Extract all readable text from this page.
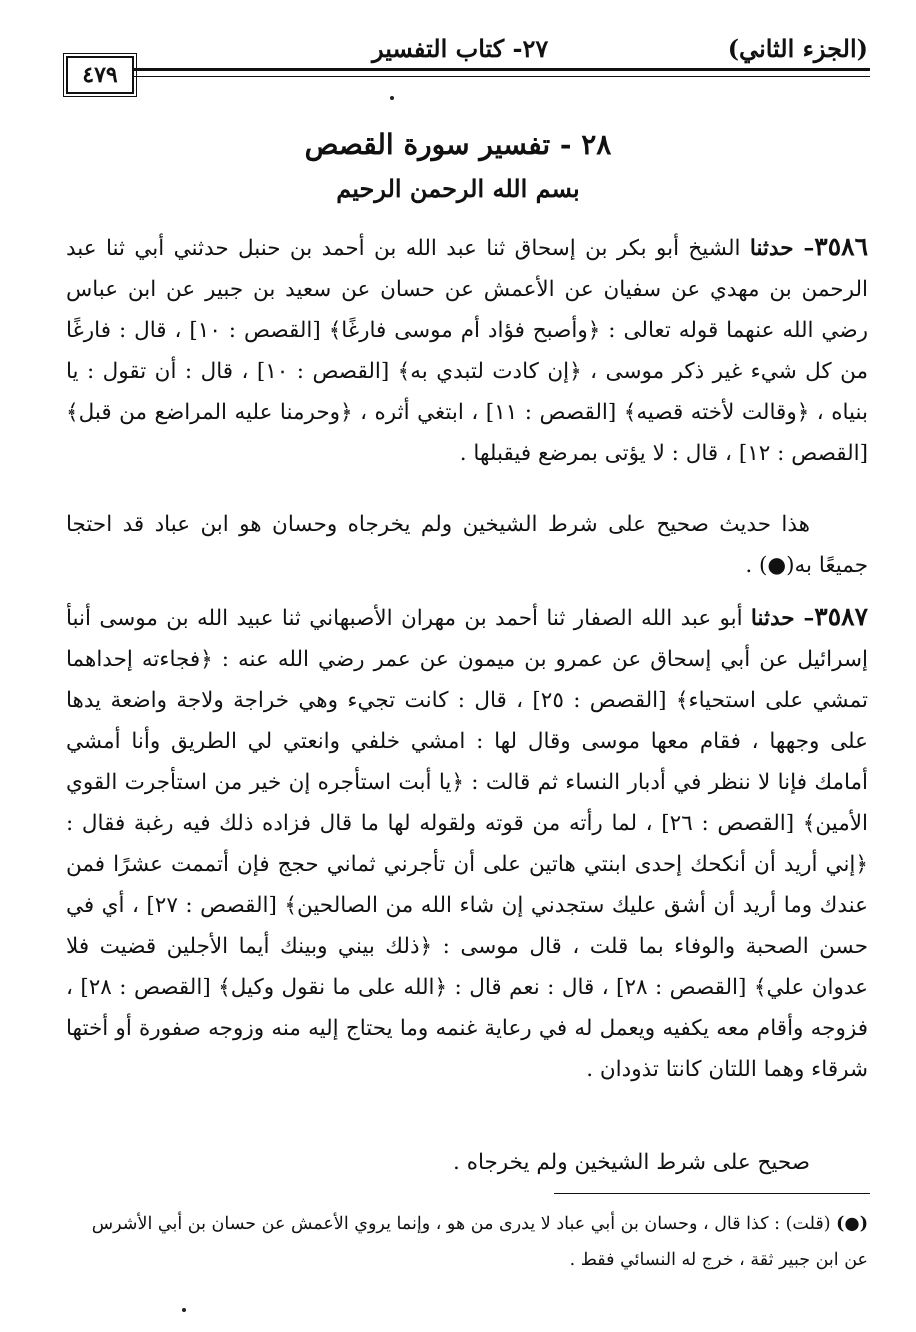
(الجزء الثاني)
٢٧- كتاب التفسير
٤٧٩
٢٨ - تفسير سورة القصص
بسم الله الرحمن الرحيم
٣٥٨٦– حدثنا الشيخ أبو بكر بن إسحاق ثنا عبد الله بن أحمد بن حنبل حدثني أبي ثنا عبد الرحمن بن مهدي عن سفيان عن الأعمش عن حسان عن سعيد بن جبير عن ابن عباس رضي الله عنهما قوله تعالى : ﴿وأصبح فؤاد أم موسى فارغًا﴾ [القصص : ١٠] ، قال : فارغًا من كل شيء غير ذكر موسى ، ﴿إن كادت لتبدي به﴾ [القصص : ١٠] ، قال : أن تقول : يا بنياه ، ﴿وقالت لأخته قصيه﴾ [القصص : ١١] ، ابتغي أثره ، ﴿وحرمنا عليه المراضع من قبل﴾ [القصص : ١٢] ، قال : لا يؤتى بمرضع فيقبلها .
هذا حديث صحيح على شرط الشيخين ولم يخرجاه وحسان هو ابن عباد قد احتجا جميعًا به(●) .
٣٥٨٧– حدثنا أبو عبد الله الصفار ثنا أحمد بن مهران الأصبهاني ثنا عبيد الله بن موسى أنبأ إسرائيل عن أبي إسحاق عن عمرو بن ميمون عن عمر رضي الله عنه : ﴿فجاءته إحداهما تمشي على استحياء﴾ [القصص : ٢٥] ، قال : كانت تجيء وهي خراجة ولاجة واضعة يدها على وجهها ، فقام معها موسى وقال لها : امشي خلفي وانعتي لي الطريق وأنا أمشي أمامك فإنا لا ننظر في أدبار النساء ثم قالت : ﴿يا أبت استأجره إن خير من استأجرت القوي الأمين﴾ [القصص : ٢٦] ، لما رأته من قوته ولقوله لها ما قال فزاده ذلك فيه رغبة فقال : ﴿إني أريد أن أنكحك إحدى ابنتي هاتين على أن تأجرني ثماني حجج فإن أتممت عشرًا فمن عندك وما أريد أن أشق عليك ستجدني إن شاء الله من الصالحين﴾ [القصص : ٢٧] ، أي في حسن الصحبة والوفاء بما قلت ، قال موسى : ﴿ذلك بيني وبينك أيما الأجلين قضيت فلا عدوان علي﴾ [القصص : ٢٨] ، قال : نعم قال : ﴿الله على ما نقول وكيل﴾ [القصص : ٢٨] ، فزوجه وأقام معه يكفيه ويعمل له في رعاية غنمه وما يحتاج إليه منه وزوجه صفورة أو أختها شرقاء وهما اللتان كانتا تذودان .
صحيح على شرط الشيخين ولم يخرجاه .
(●) (قلت) : كذا قال ، وحسان بن أبي عباد لا يدرى من هو ، وإنما يروي الأعمش عن حسان بن أبي الأشرس عن ابن جبير ثقة ، خرج له النسائي فقط .
